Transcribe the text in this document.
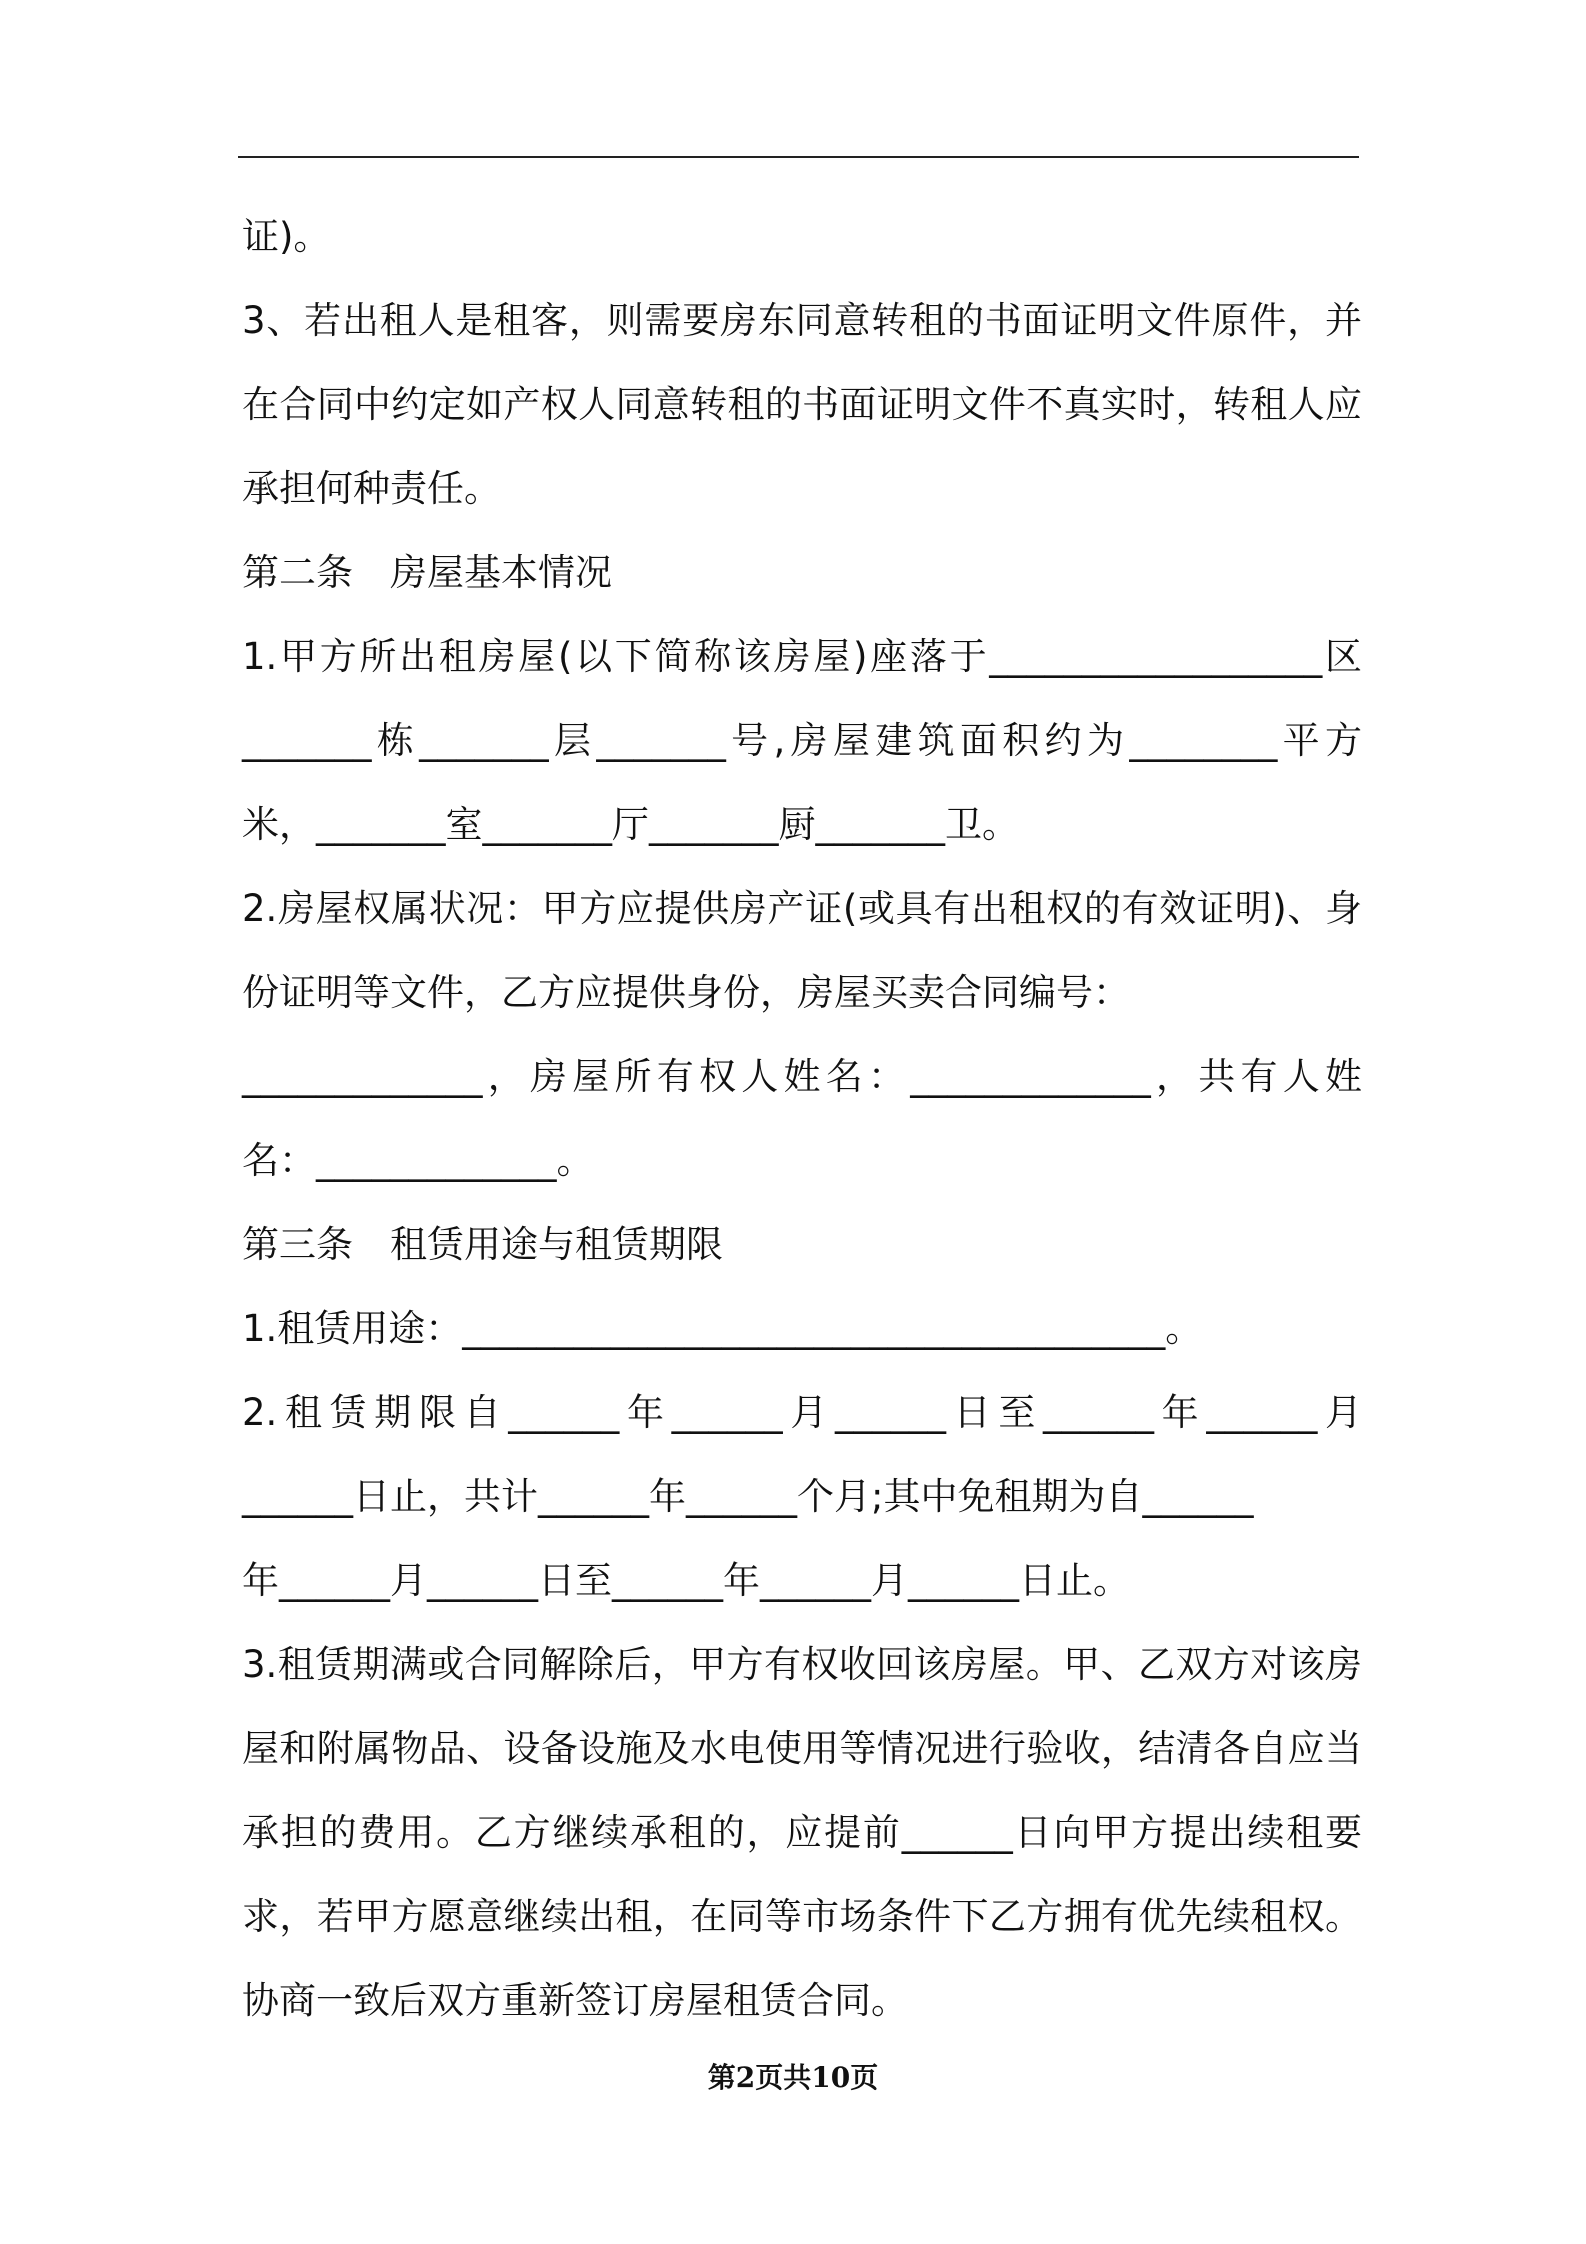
证)。
3、若出租人是租客，则需要房东同意转租的书面证明文件原件，并
在合同中约定如产权人同意转租的书面证明文件不真实时，转租人应
承担何种责任。
第二条　房屋基本情况
1.甲方所出租房屋(以下简称该房屋)座落于__________________区
_______栋_______层_______号,房屋建筑面积约为________平方
米，_______室_______厅_______厨_______卫。
2.房屋权属状况：甲方应提供房产证(或具有出租权的有效证明)、身
份证明等文件，乙方应提供身份，房屋买卖合同编号：
_____________，房屋所有权人姓名：_____________，共有人姓
名：_____________。
第三条　租赁用途与租赁期限
1.租赁用途：______________________________________。
2.租赁期限自______年______月______日至______年______月
______日止，共计______年______个月;其中免租期为自______
年______月______日至______年______月______日止。
3.租赁期满或合同解除后，甲方有权收回该房屋。甲、乙双方对该房
屋和附属物品、设备设施及水电使用等情况进行验收，结清各自应当
承担的费用。乙方继续承租的，应提前______日向甲方提出续租要
求，若甲方愿意继续出租，在同等市场条件下乙方拥有优先续租权。
协商一致后双方重新签订房屋租赁合同。
第2页共10页
